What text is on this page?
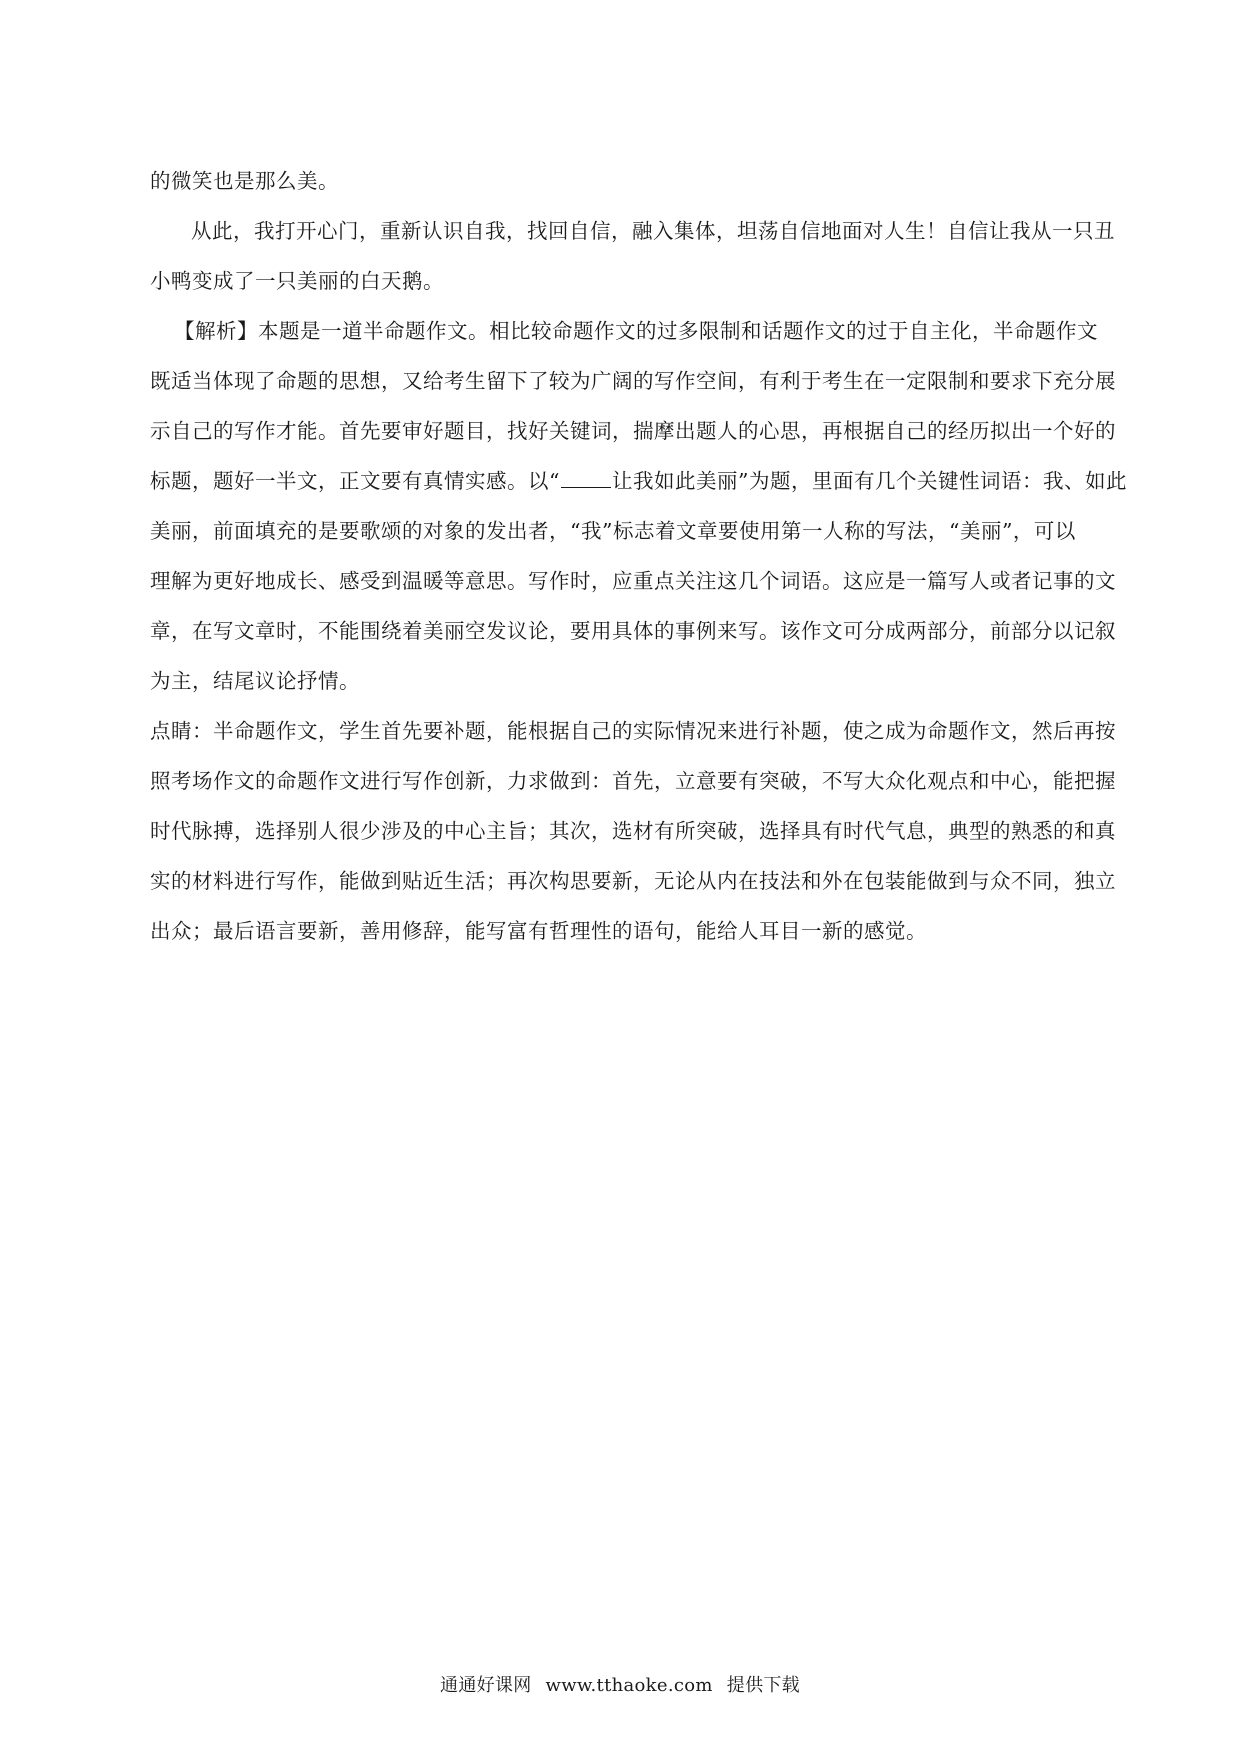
的微笑也是那么美。
从此，我打开心门，重新认识自我，找回自信，融入集体，坦荡自信地面对人生！自信让我从一只丑
小鸭变成了一只美丽的白天鹅。
【解析】本题是一道半命题作文。相比较命题作文的过多限制和话题作文的过于自主化，半命题作文
既适当体现了命题的思想，又给考生留下了较为广阔的写作空间，有利于考生在一定限制和要求下充分展
示自己的写作才能。首先要审好题目，找好关键词，揣摩出题人的心思，再根据自己的经历拟出一个好的
标题，题好一半文，正文要有真情实感。以“	让我如此美丽”为题，里面有几个关键性词语：我、如此
美丽，前面填充的是要歌颂的对象的发出者，“我”标志着文章要使用第一人称的写法，“美丽”，可以
理解为更好地成长、感受到温暖等意思。写作时，应重点关注这几个词语。这应是一篇写人或者记事的文
章，在写文章时，不能围绕着美丽空发议论，要用具体的事例来写。该作文可分成两部分，前部分以记叙
为主，结尾议论抒情。
点睛：半命题作文，学生首先要补题，能根据自己的实际情况来进行补题，使之成为命题作文，然后再按
照考场作文的命题作文进行写作创新，力求做到：首先，立意要有突破，不写大众化观点和中心，能把握
时代脉搏，选择别人很少涉及的中心主旨；其次，选材有所突破，选择具有时代气息，典型的熟悉的和真
实的材料进行写作，能做到贴近生活；再次构思要新，无论从内在技法和外在包装能做到与众不同，独立
出众；最后语言要新，善用修辞，能写富有哲理性的语句，能给人耳目一新的感觉。
通通好课网 www.tthaoke.com 提供下载
